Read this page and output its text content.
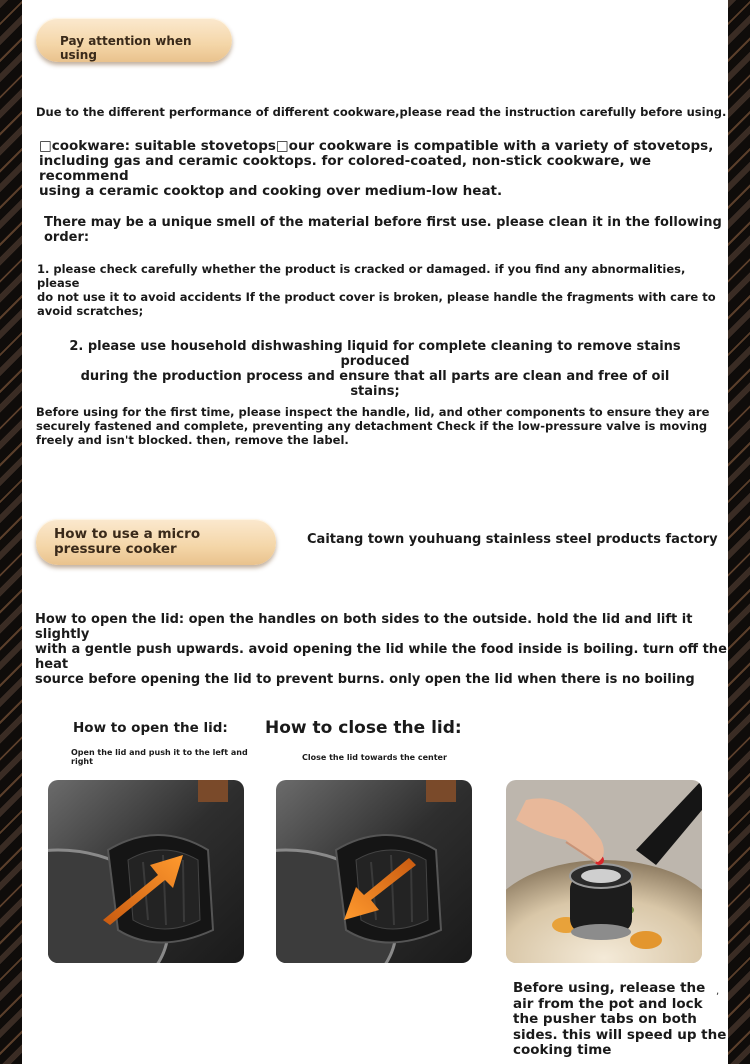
Pay attention when using
Due to the different performance of different cookware,please read the instruction carefully before using.
□cookware: suitable stovetops□our cookware is compatible with a variety of stovetops,
including gas and ceramic cooktops. for colored-coated, non-stick cookware, we recommend
using a ceramic cooktop and cooking over medium-low heat.
There may be a unique smell of the material before first use. please clean it in the following order:
1. please check carefully whether the product is cracked or damaged. if you find any abnormalities, please
do not use it to avoid accidents If the product cover is broken, please handle the fragments with care to
avoid scratches;
2. please use household dishwashing liquid for complete cleaning to remove stains produced
during the production process and ensure that all parts are clean and free of oil stains;
Before using for the first time, please inspect the handle, lid, and other components to ensure they are
securely fastened and complete, preventing any detachment Check if the low-pressure valve is moving
freely and isn't blocked. then, remove the label.
How to use a micro
pressure cooker
Caitang town youhuang stainless steel products factory
How to open the lid: open the handles on both sides to the outside. hold the lid and lift it slightly
with a gentle push upwards. avoid opening the lid while the food inside is boiling. turn off the heat
source before opening the lid to prevent burns. only open the lid when there is no boiling
How to open the lid: How to close the lid:
Open the lid and push it to the left and
right	Close the lid towards the center
Before using, release the
air from the pot and lock
the pusher tabs on both
sides. this will speed up the
cooking time
,
